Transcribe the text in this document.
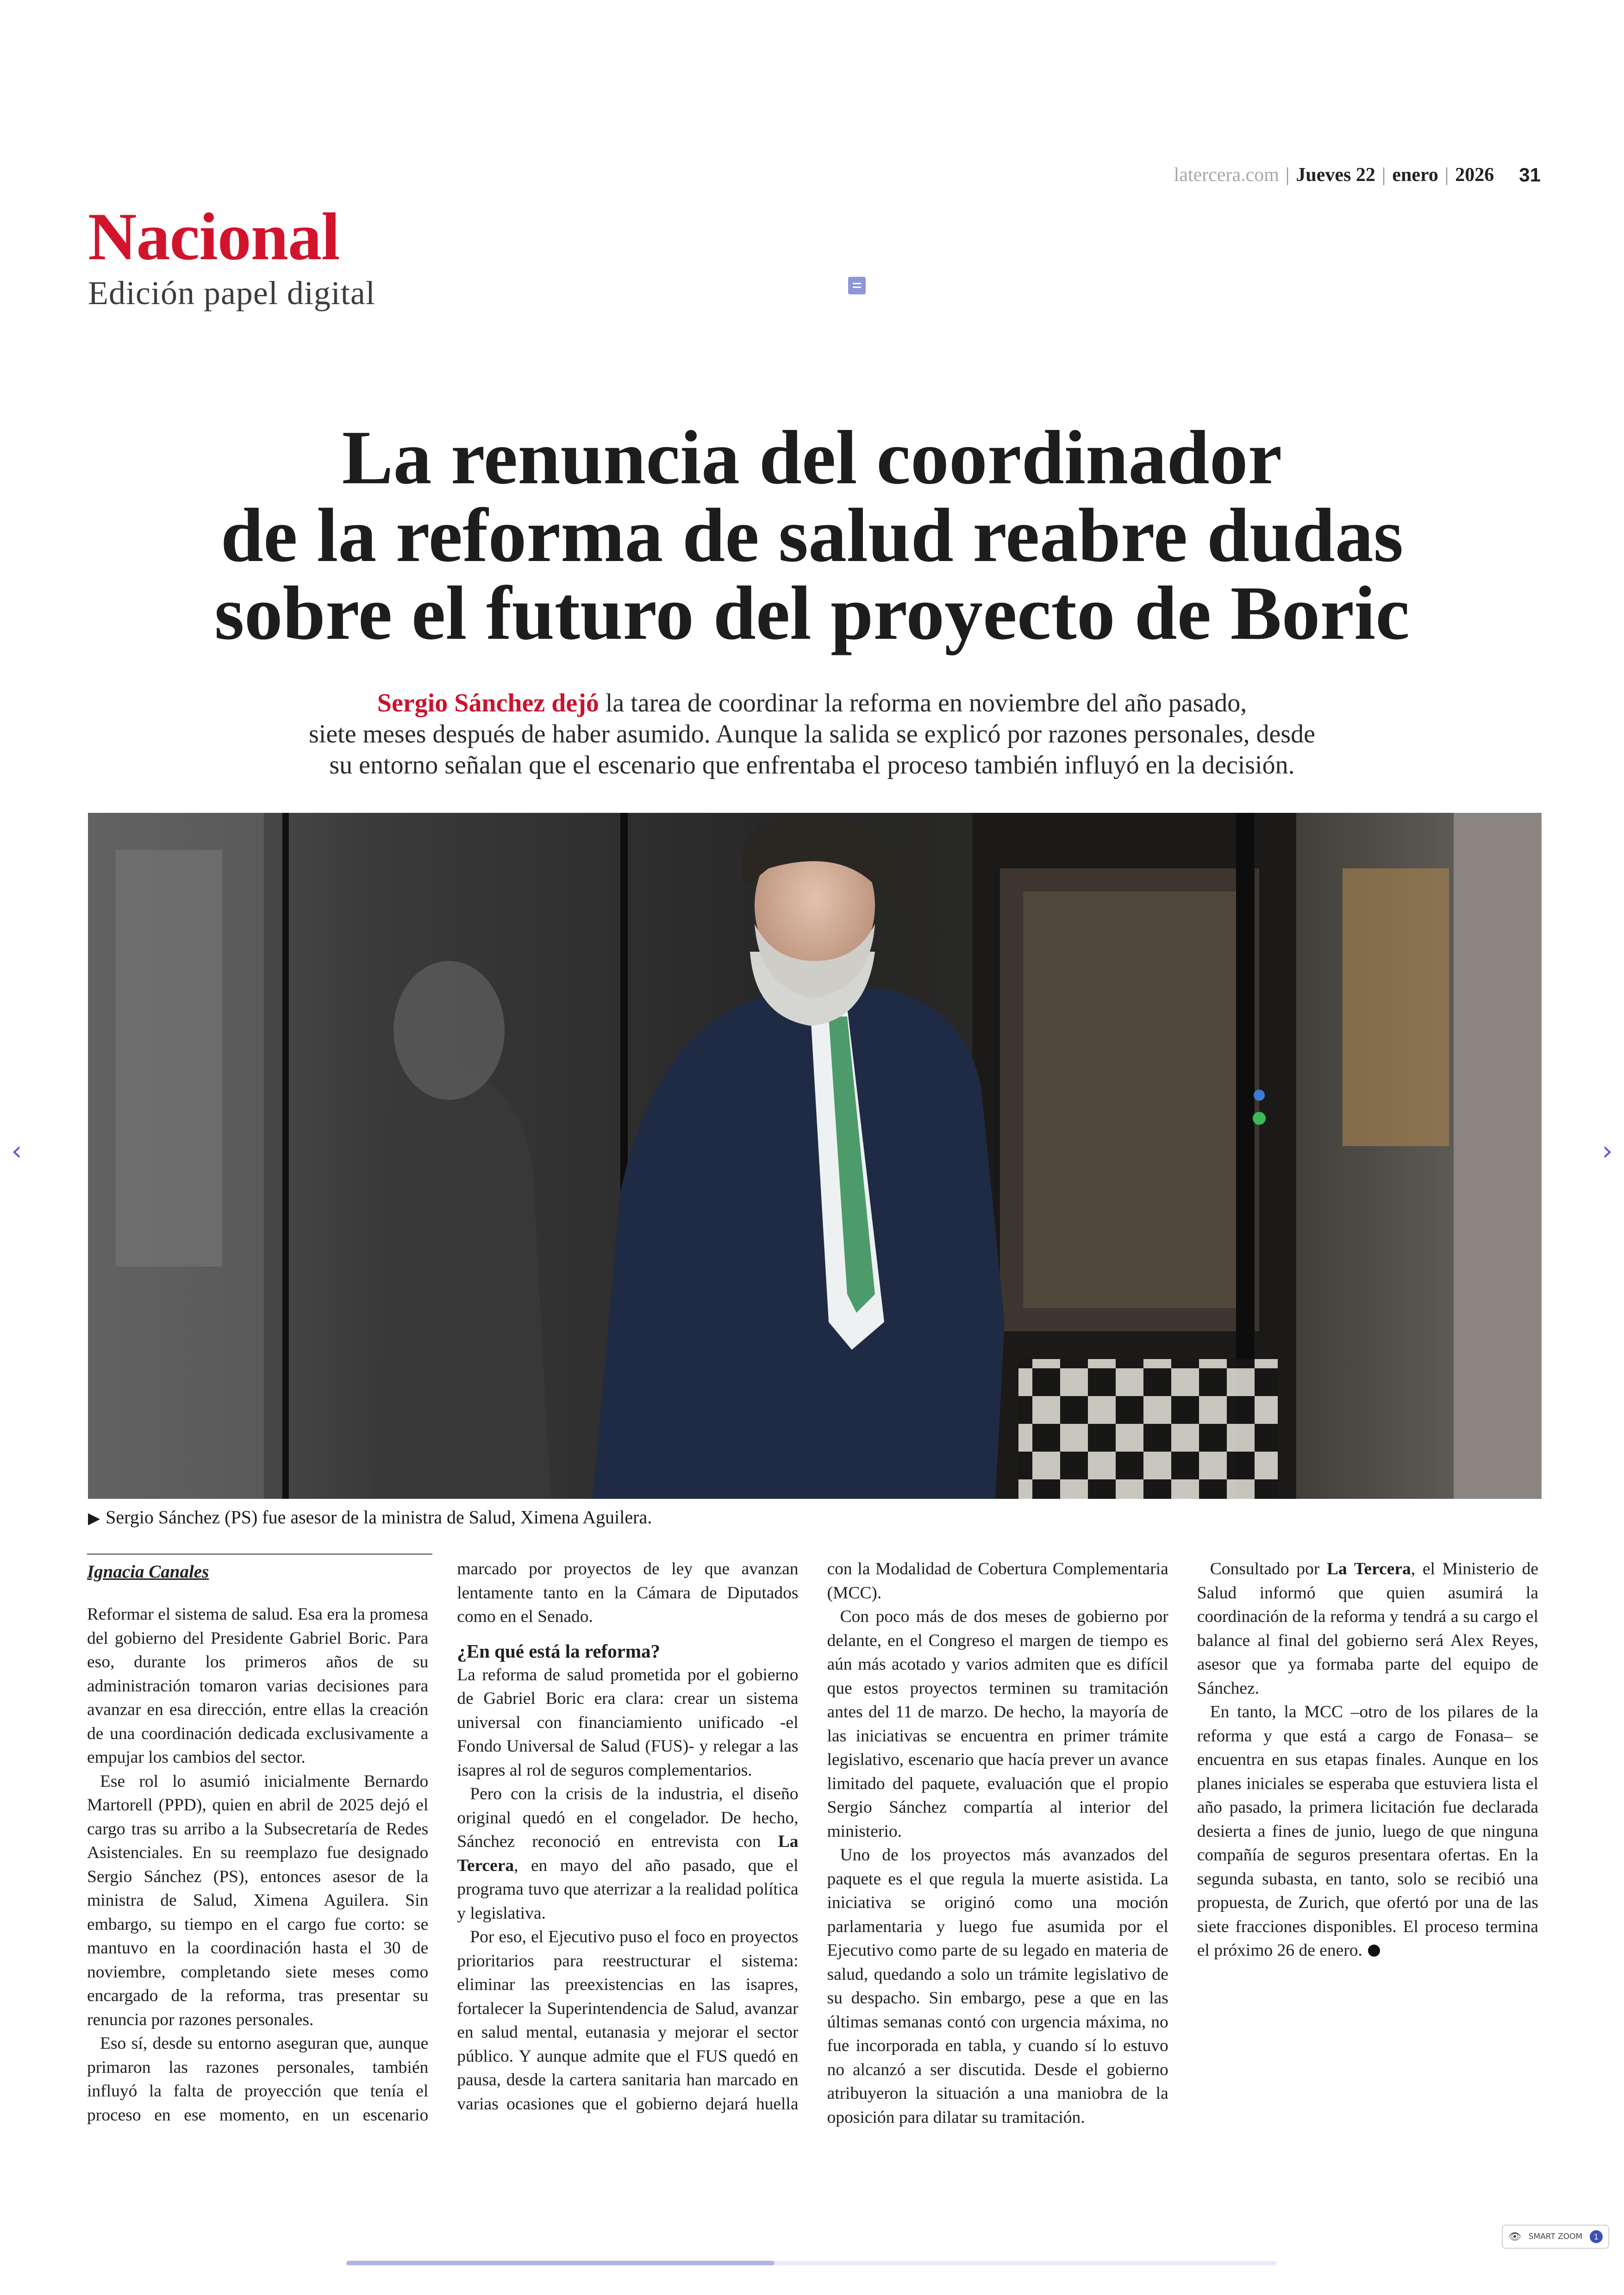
latercera.com | Jueves 22 | enero | 2026 31
Nacional
Edición papel digital
La renuncia del coordinador
de la reforma de salud reabre dudas
sobre el futuro del proyecto de Boric
Sergio Sánchez dejó la tarea de coordinar la reforma en noviembre del año pasado,
siete meses después de haber asumido. Aunque la salida se explicó por razones personales, desde
su entorno señalan que el escenario que enfrentaba el proceso también influyó en la decisión.
▶ Sergio Sánchez (PS) fue asesor de la ministra de Salud, Ximena Aguilera.
‹	›
Ignacia Canales

Reformar el sistema de salud. Esa era la promesa del gobierno del Presidente Gabriel Boric. Para eso, durante los primeros años de su administración tomaron varias decisiones para avanzar en esa dirección, entre ellas la creación de una coordinación dedicada exclusivamente a empujar los cambios del sector.

Ese rol lo asumió inicialmente Bernardo Martorell (PPD), quien en abril de 2025 dejó el cargo tras su arribo a la Subsecretaría de Redes Asistenciales. En su reemplazo fue designado Sergio Sánchez (PS), entonces asesor de la ministra de Salud, Ximena Aguilera. Sin embargo, su tiempo en el cargo fue corto: se mantuvo en la coordinación hasta el 30 de noviembre, completando siete meses como encargado de la reforma, tras presentar su renuncia por razones personales.

Eso sí, desde su entorno aseguran que, aunque primaron las razones personales, también influyó la falta de proyección que tenía el proceso en ese momento, en un escenario marcado por proyectos de ley que avanzan lentamente tanto en la Cámara de Diputados como en el Senado.

¿En qué está la reforma?

La reforma de salud prometida por el gobierno de Gabriel Boric era clara: crear un sistema universal con financiamiento unificado -el Fondo Universal de Salud (FUS)- y relegar a las isapres al rol de seguros complementarios.

Pero con la crisis de la industria, el diseño original quedó en el congelador. De hecho, Sánchez reconoció en entrevista con La Tercera, en mayo del año pasado, que el programa tuvo que aterrizar a la realidad política y legislativa.

Por eso, el Ejecutivo puso el foco en proyectos prioritarios para reestructurar el sistema: eliminar las preexistencias en las isapres, fortalecer la Superintendencia de Salud, avanzar en salud mental, eutanasia y mejorar el sector público. Y aunque admite que el FUS quedó en pausa, desde la cartera sanitaria han marcado en varias ocasiones que el gobierno dejará huella con la Modalidad de Cobertura Complementaria (MCC).

Con poco más de dos meses de gobierno por delante, en el Congreso el margen de tiempo es aún más acotado y varios admiten que es difícil que estos proyectos terminen su tramitación antes del 11 de marzo. De hecho, la mayoría de las iniciativas se encuentra en primer trámite legislativo, escenario que hacía prever un avance limitado del paquete, evaluación que el propio Sergio Sánchez compartía al interior del ministerio.

Uno de los proyectos más avanzados del paquete es el que regula la muerte asistida. La iniciativa se originó como una moción parlamentaria y luego fue asumida por el Ejecutivo como parte de su legado en materia de salud, quedando a solo un trámite legislativo de su despacho. Sin embargo, pese a que en las últimas semanas contó con urgencia máxima, no fue incorporada en tabla, y cuando sí lo estuvo no alcanzó a ser discutida. Desde el gobierno atribuyeron la situación a una maniobra de la oposición para dilatar su tramitación.

Consultado por La Tercera, el Ministerio de Salud informó que quien asumirá la coordinación de la reforma y tendrá a su cargo el balance al final del gobierno será Alex Reyes, asesor que ya formaba parte del equipo de Sánchez.

En tanto, la MCC –otro de los pilares de la reforma y que está a cargo de Fonasa– se encuentra en sus etapas finales. Aunque en los planes iniciales se esperaba que estuviera lista el año pasado, la primera licitación fue declarada desierta a fines de junio, luego de que ninguna compañía de seguros presentara ofertas. En la segunda subasta, en tanto, solo se recibió una propuesta, de Zurich, que ofertó por una de las siete fracciones disponibles. El proceso termina el próximo 26 de enero.

👁 SMART ZOOM	1
